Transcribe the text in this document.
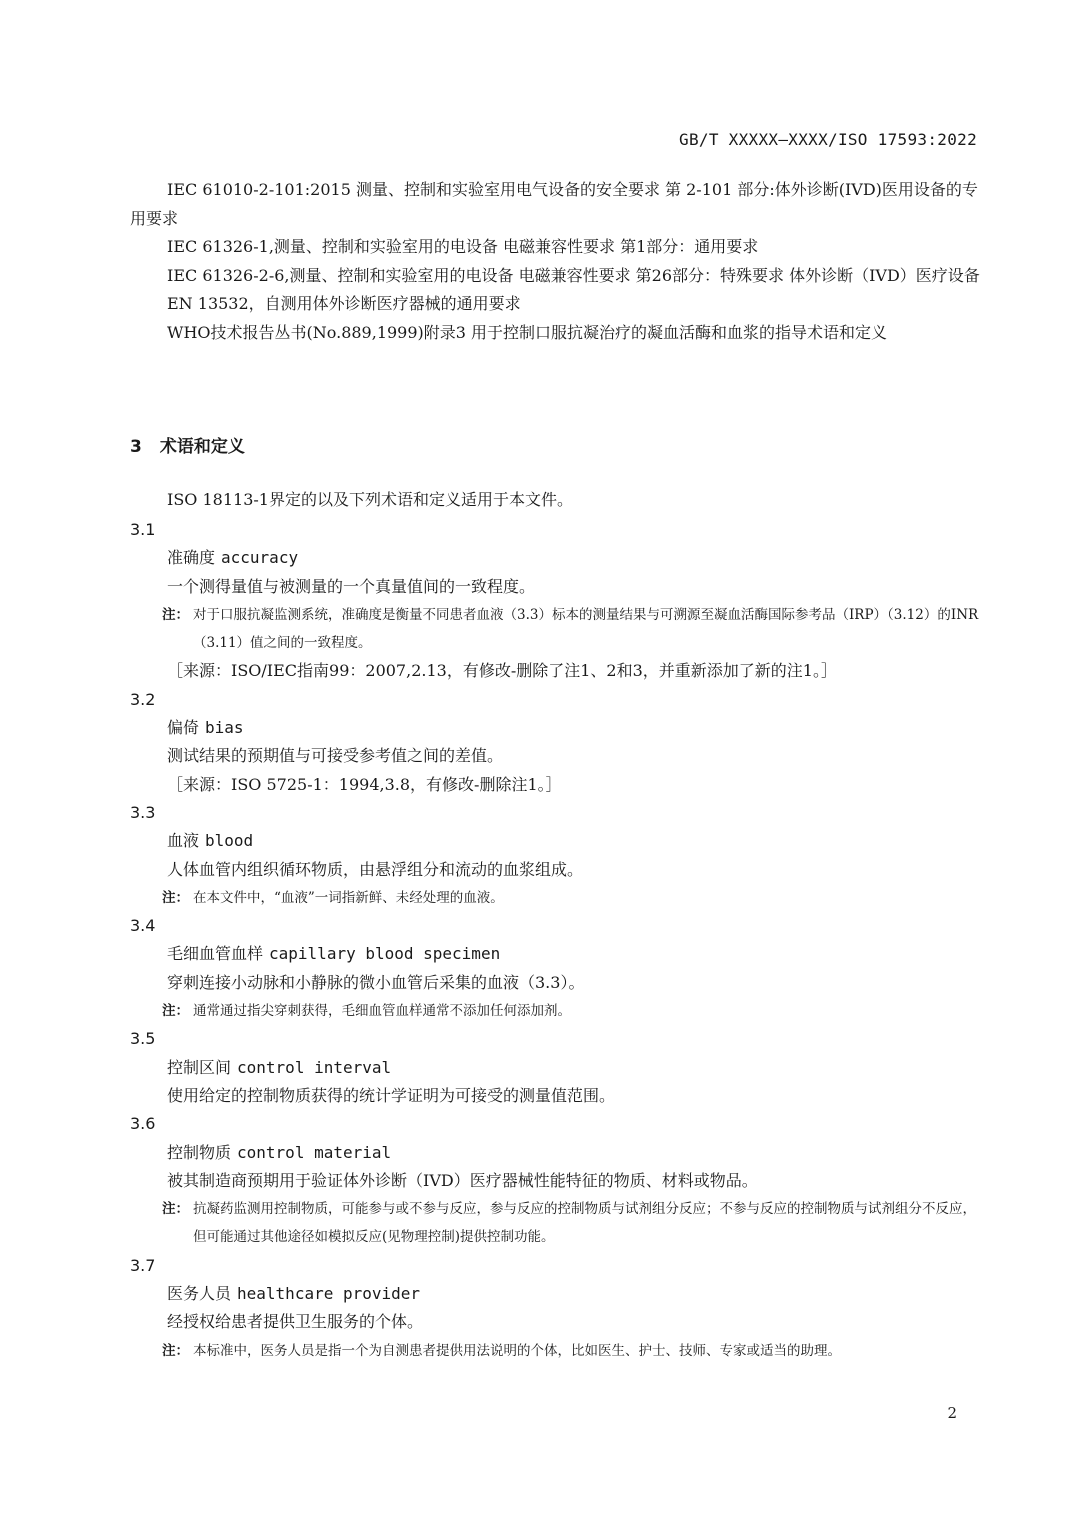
GB/T XXXXX—XXXX/ISO 17593:2022

IEC 61010-2-101:2015 测量、控制和实验室用电气设备的安全要求 第 2-101 部分:体外诊断(IVD)医用设备的专用要求

IEC 61326-1,测量、控制和实验室用的电设备 电磁兼容性要求 第1部分：通用要求

IEC 61326-2-6,测量、控制和实验室用的电设备 电磁兼容性要求 第26部分：特殊要求 体外诊断（IVD）医疗设备

EN 13532，自测用体外诊断医疗器械的通用要求

WHO技术报告丛书(No.889,1999)附录3 用于控制口服抗凝治疗的凝血活酶和血浆的指导术语和定义

3 术语和定义
ISO 18113-1界定的以及下列术语和定义适用于本文件。
3.1
准确度 accuracy
一个测得量值与被测量的一个真量值间的一致程度。
注： 对于口服抗凝监测系统，准确度是衡量不同患者血液（3.3）标本的测量结果与可溯源至凝血活酶国际参考品（IRP）（3.12）的INR（3.11）值之间的一致程度。
［来源：ISO/IEC指南99：2007,2.13，有修改-删除了注1、2和3，并重新添加了新的注1。］
3.2
偏倚 bias
测试结果的预期值与可接受参考值之间的差值。
［来源：ISO 5725-1：1994,3.8，有修改-删除注1。］
3.3
血液 blood
人体血管内组织循环物质，由悬浮组分和流动的血浆组成。
注： 在本文件中，“血液”一词指新鲜、未经处理的血液。
3.4
毛细血管血样 capillary blood specimen
穿刺连接小动脉和小静脉的微小血管后采集的血液（3.3）。
注： 通常通过指尖穿刺获得，毛细血管血样通常不添加任何添加剂。
3.5
控制区间 control interval
使用给定的控制物质获得的统计学证明为可接受的测量值范围。
3.6
控制物质 control material
被其制造商预期用于验证体外诊断（IVD）医疗器械性能特征的物质、材料或物品。
注： 抗凝药监测用控制物质，可能参与或不参与反应，参与反应的控制物质与试剂组分反应；不参与反应的控制物质与试剂组分不反应，但可能通过其他途径如模拟反应(见物理控制)提供控制功能。
3.7
医务人员 healthcare provider
经授权给患者提供卫生服务的个体。
注： 本标准中，医务人员是指一个为自测患者提供用法说明的个体，比如医生、护士、技师、专家或适当的助理。
2
